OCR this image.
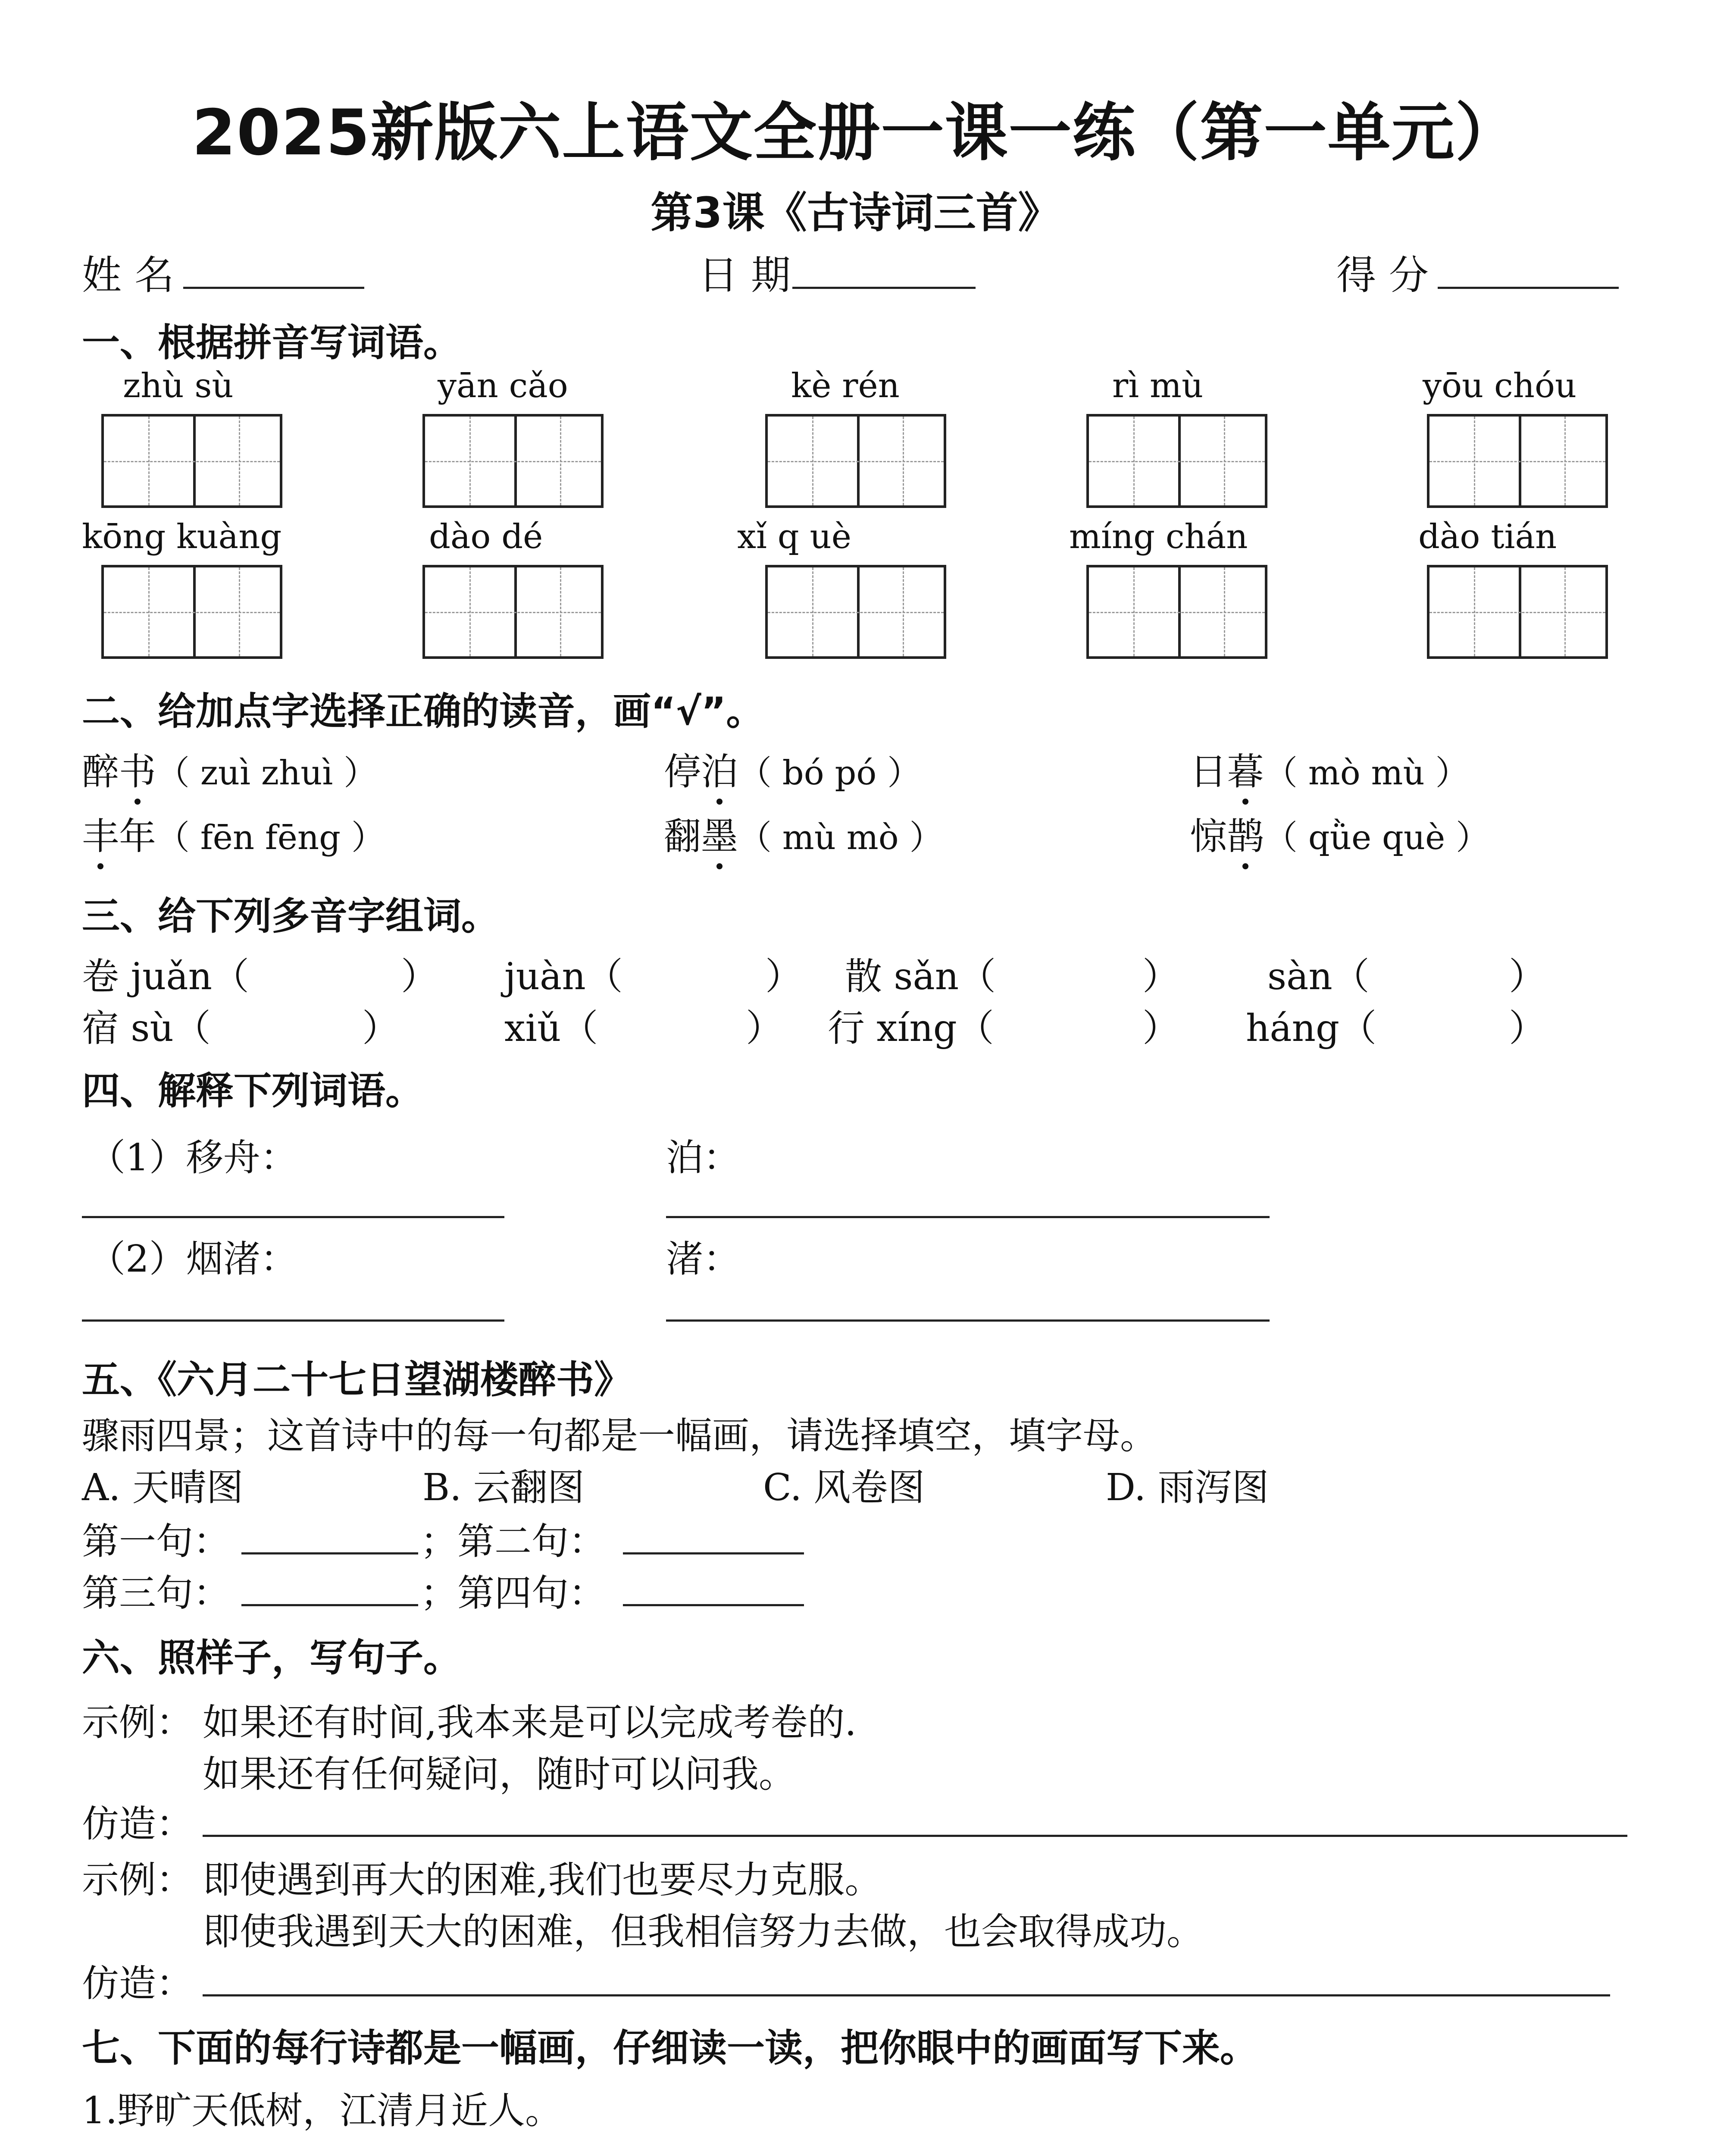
2025新版六上语文全册一课一练（第一单元）
第3课《古诗词三首》
姓名	日期	得分
一、根据拼音写词语。
zhù sù	yān cǎo	kè rén	rì mù	yōu chóu
kōng kuàng	dào dé	xǐ q uè	míng chán	dào tián
二、给加点字选择正确的读音，画“√”。
醉书（ zuì zhuì ）	停泊（ bó pó ）	日暮（ mò mù ）
丰年（ fēn fēng ）	翻墨（ mù mò ）	惊鹊（ qǜe què ）
三、给下列多音字组词。
卷 juǎn（	） juàn（	） 散 sǎn（	） sàn（	）
宿 sù（	）	xiǔ（	） 行 xíng（	） háng（	）
四、解释下列词语。
（1）移舟：	泊：
（2）烟渚：	渚：
五、《六月二十七日望湖楼醉书》
骤雨四景；这首诗中的每一句都是一幅画，请选择填空，填字母。
A. 天晴图	B. 云翻图	C. 风卷图	D. 雨泻图
第一句：	；第二句：
第三句：	；第四句：
六、照样子，写句子。
示例： 如果还有时间,我本来是可以完成考卷的.
如果还有任何疑问，随时可以问我。
仿造：
示例： 即使遇到再大的困难,我们也要尽力克服。
即使我遇到天大的困难，但我相信努力去做，也会取得成功。
仿造：
七、下面的每行诗都是一幅画，仔细读一读，把你眼中的画面写下来。
1.野旷天低树，江清月近人。
